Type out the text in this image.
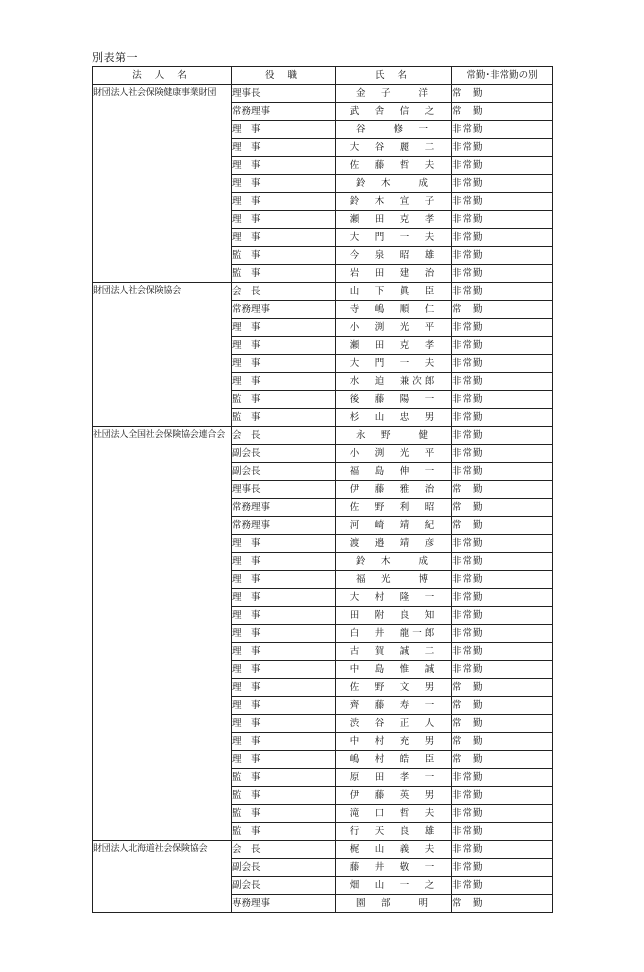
別表第一
法 人 名	役 職	氏 名	常勤･非常勤の別
財団法人社会保険健康事業財団	理事長	金　子　　洋	常　勤
	常務理事	武　舎　信　之	常　勤
	理　事	谷　　修　一	非常勤
	理　事	大　谷　麗　二	非常勤
	理　事	佐　藤　哲　夫	非常勤
	理　事	鈴　木　　成	非常勤
	理　事	鈴　木　宣　子	非常勤
	理　事	瀬　田　克　孝	非常勤
	理　事	大　門　一　夫	非常勤
	監　事	今　泉　昭　雄	非常勤
	監　事	岩　田　建　治	非常勤
財団法人社会保険協会	会　長	山　下　眞　臣	非常勤
	常務理事	寺　嶋　順　仁	常　勤
	理　事	小　渕　光　平	非常勤
	理　事	瀬　田　克　孝	非常勤
	理　事	大　門　一　夫	非常勤
	理　事	水　迫　兼次郎	非常勤
	監　事	後　藤　陽　一	非常勤
	監　事	杉　山　忠　男	非常勤
社団法人全国社会保険協会連合会	会　長	永　野　　健	非常勤
	副会長	小　渕　光　平	非常勤
	副会長	福　島　伸　一	非常勤
	理事長	伊　藤　雅　治	常　勤
	常務理事	佐　野　利　昭	常　勤
	常務理事	河　崎　靖　紀	常　勤
	理　事	渡　邉　靖　彦	非常勤
	理　事	鈴　木　　成	非常勤
	理　事	福　光　　博	非常勤
	理　事	大　村　隆　一	非常勤
	理　事	田　附　良　知	非常勤
	理　事	白　井　龍一郎	非常勤
	理　事	古　賀　誠　二	非常勤
	理　事	中　島　惟　誠	非常勤
	理　事	佐　野　文　男	常　勤
	理　事	齊　藤　寿　一	常　勤
	理　事	渋　谷　正　人	常　勤
	理　事	中　村　充　男	常　勤
	理　事	嶋　村　皓　臣	常　勤
	監　事	原　田　孝　一	非常勤
	監　事	伊　藤　英　男	非常勤
	監　事	滝　口　哲　夫	非常勤
	監　事	行　天　良　雄	非常勤
財団法人北海道社会保険協会	会　長	梶　山　義　夫	非常勤
	副会長	藤　井　敬　一	非常勤
	副会長	畑　山　一　之	非常勤
	専務理事	園　部　　明	常　勤
